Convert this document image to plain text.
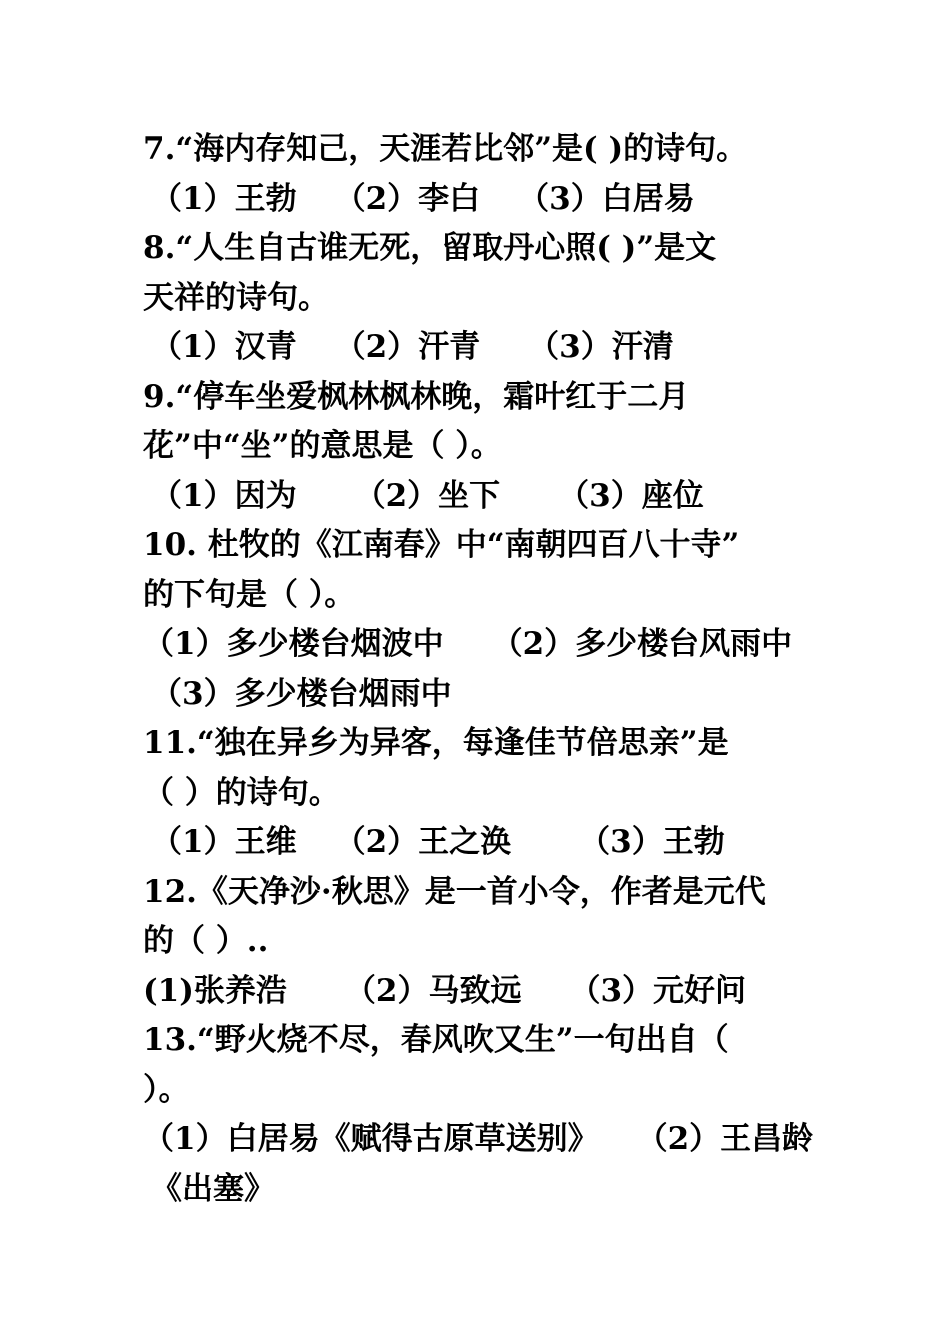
7.“海内存知己，天涯若比邻”是( )的诗句。
（1）王勃 （2）李白 （3）白居易
8.“人生自古谁无死，留取丹心照( )”是文
天祥的诗句。
（1）汉青 （2）汗青 （3）汗清
9.“停车坐爱枫林枫林晚，霜叶红于二月
花”中“坐”的意思是（ ）。
（1）因为 （2）坐下 （3）座位
10. 杜牧的《江南春》中“南朝四百八十寺”
的下句是（ ）。
（1）多少楼台烟波中 （2）多少楼台风雨中
（3）多少楼台烟雨中
11.“独在异乡为异客，每逢佳节倍思亲”是
（ ）的诗句。
（1）王维 （2）王之涣 （3）王勃
12.《天净沙·秋思》是一首小令，作者是元代
的（ ）..
(1)张养浩 （2）马致远 （3）元好问
13.“野火烧不尽，春风吹又生”一句出自（
）。
（1）白居易《赋得古原草送别》 （2）王昌龄
《出塞》
